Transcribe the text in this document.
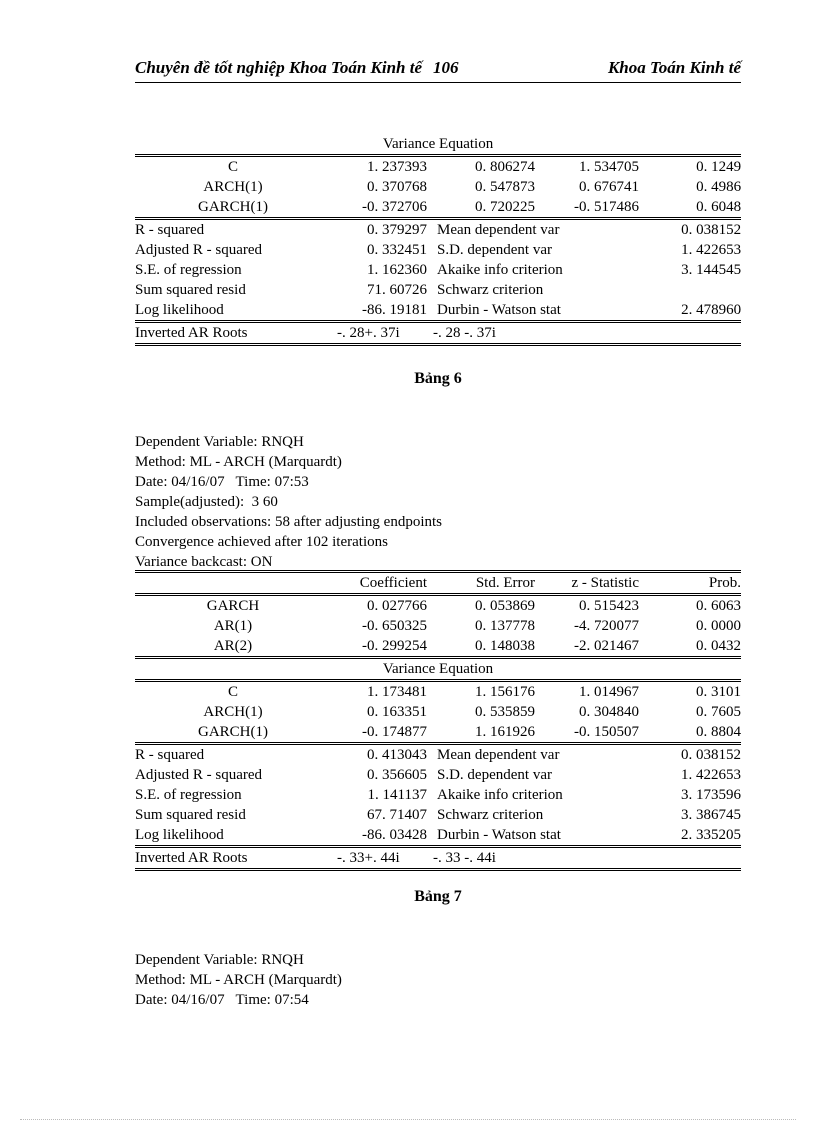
Chuyên đề tốt nghiệp Khoa Toán Kinh tế 106	Khoa Toán Kinh tế
Variance Equation				
C	1. 237393	0. 806274	1. 534705	0. 1249
ARCH(1)	0. 370768	0. 547873	0. 676741	0. 4986
GARCH(1)	-0. 372706	0. 720225	-0. 517486	0. 6048
R - squared	0. 379297	Mean dependent var		0. 038152
Adjusted R - squared	0. 332451	S.D. dependent var		1. 422653
S.E. of regression	1. 162360	Akaike info criterion		3. 144545
Sum squared resid	71. 60726	Schwarz criterion		
Log likelihood	-86. 19181	Durbin - Watson stat		2. 478960
Inverted AR Roots	-. 28+. 37i	-. 28 -. 37i		
Bảng 6
Dependent Variable: RNQH
Method: ML - ARCH (Marquardt)
Date: 04/16/07   Time: 07:53
Sample(adjusted):  3 60
Included observations: 58 after adjusting endpoints
Convergence achieved after 102 iterations
Variance backcast: ON
	Coefficient	Std. Error	z - Statistic	Prob.
GARCH	0. 027766	0. 053869	0. 515423	0. 6063
AR(1)	-0. 650325	0. 137778	-4. 720077	0. 0000
AR(2)	-0. 299254	0. 148038	-2. 021467	0. 0432
Variance Equation				
C	1. 173481	1. 156176	1. 014967	0. 3101
ARCH(1)	0. 163351	0. 535859	0. 304840	0. 7605
GARCH(1)	-0. 174877	1. 161926	-0. 150507	0. 8804
R - squared	0. 413043	Mean dependent var		0. 038152
Adjusted R - squared	0. 356605	S.D. dependent var		1. 422653
S.E. of regression	1. 141137	Akaike info criterion		3. 173596
Sum squared resid	67. 71407	Schwarz criterion		3. 386745
Log likelihood	-86. 03428	Durbin - Watson stat		2. 335205
Inverted AR Roots	-. 33+. 44i	-. 33 -. 44i		
Bảng 7
Dependent Variable: RNQH
Method: ML - ARCH (Marquardt)
Date: 04/16/07   Time: 07:54
